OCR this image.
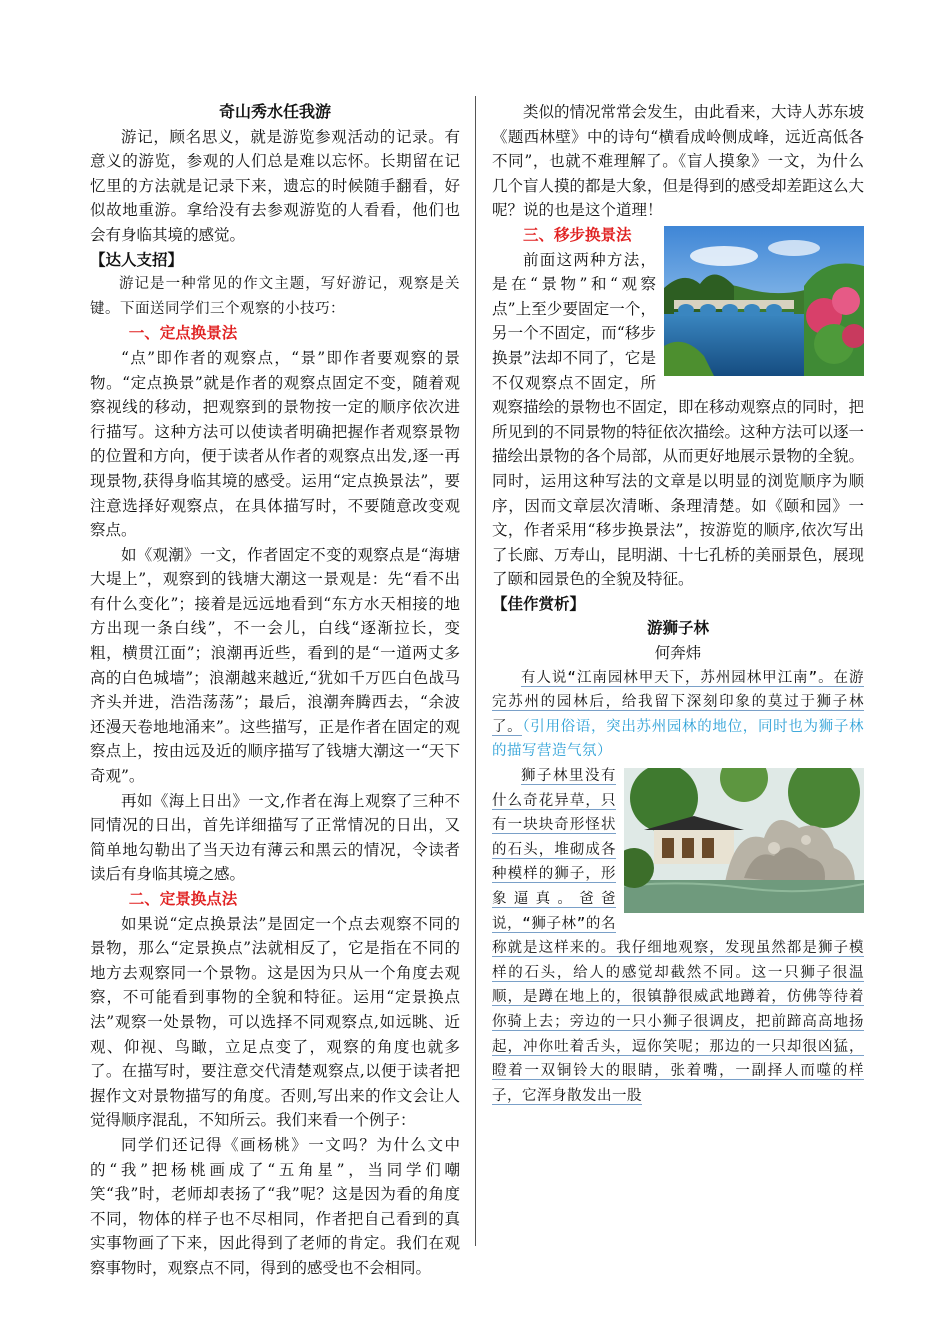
奇山秀水任我游

游记，顾名思义，就是游览参观活动的记录。有意义的游览，参观的人们总是难以忘怀。长期留在记忆里的方法就是记录下来，遗忘的时候随手翻看，好似故地重游。拿给没有去参观游览的人看看，他们也会有身临其境的感觉。

【达人支招】

游记是一种常见的作文主题，写好游记，观察是关键。下面送同学们三个观察的小技巧：

一、定点换景法

“点”即作者的观察点，“景”即作者要观察的景物。“定点换景”就是作者的观察点固定不变，随着观察视线的移动，把观察到的景物按一定的顺序依次进行描写。这种方法可以使读者明确把握作者观察景物的位置和方向，便于读者从作者的观察点出发,逐一再现景物,获得身临其境的感受。运用“定点换景法”，要注意选择好观察点，在具体描写时，不要随意改变观察点。

如《观潮》一文，作者固定不变的观察点是“海塘大堤上”，观察到的钱塘大潮这一景观是：先“看不出有什么变化”；接着是远远地看到“东方水天相接的地方出现一条白线”，不一会儿，白线“逐渐拉长，变粗，横贯江面”；浪潮再近些，看到的是“一道两丈多高的白色城墙”；浪潮越来越近,“犹如千万匹白色战马齐头并进，浩浩荡荡”；最后，浪潮奔腾西去，“余波还漫天卷地地涌来”。这些描写，正是作者在固定的观察点上，按由远及近的顺序描写了钱塘大潮这一“天下奇观”。

再如《海上日出》一文,作者在海上观察了三种不同情况的日出，首先详细描写了正常情况的日出，又简单地勾勒出了当天边有薄云和黑云的情况，令读者读后有身临其境之感。

二、定景换点法

如果说“定点换景法”是固定一个点去观察不同的景物，那么“定景换点”法就相反了，它是指在不同的地方去观察同一个景物。这是因为只从一个角度去观察，不可能看到事物的全貌和特征。运用“定景换点法”观察一处景物，可以选择不同观察点,如远眺、近观、仰视、鸟瞰，立足点变了，观察的角度也就多了。在描写时，要注意交代清楚观察点,以便于读者把握作文对景物描写的角度。否则,写出来的作文会让人觉得顺序混乱，不知所云。我们来看一个例子：

同学们还记得《画杨桃》一文吗？为什么文中的“我”把杨桃画成了“五角星”，当同学们嘲笑“我”时，老师却表扬了“我”呢？这是因为看的角度不同，物体的样子也不尽相同，作者把自己看到的真实事物画了下来，因此得到了老师的肯定。我们在观察事物时，观察点不同，得到的感受也不会相同。

类似的情况常常会发生，由此看来，大诗人苏东坡《题西林壁》中的诗句“横看成岭侧成峰，远近高低各不同”，也就不难理解了。《盲人摸象》一文，为什么几个盲人摸的都是大象，但是得到的感受却差距这么大呢？说的也是这个道理！

三、移步换景法

前面这两种方法，是在“景物”和“观察点”上至少要固定一个，另一个不固定，而“移步换景”法却不同了，它是不仅观察点不固定，所观察描绘的景物也不固定，即在移动观察点的同时，把所见到的不同景物的特征依次描绘。这种方法可以逐一描绘出景物的各个局部，从而更好地展示景物的全貌。同时，运用这种写法的文章是以明显的浏览顺序为顺序，因而文章层次清晰、条理清楚。如《颐和园》一文，作者采用“移步换景法”，按游览的顺序,依次写出了长廊、万寿山，昆明湖、十七孔桥的美丽景色，展现了颐和园景色的全貌及特征。

【佳作赏析】

游狮子林

何奔炜

有人说“江南园林甲天下，苏州园林甲江南”。在游完苏州的园林后，给我留下深刻印象的莫过于狮子林了。（引用俗语，突出苏州园林的地位，同时也为狮子林的描写营造气氛）

狮子林里没有什么奇花异草，只有一块块奇形怪状的石头，堆砌成各种模样的狮子，形象逼真。爸爸说，“狮子林”的名称就是这样来的。我仔细地观察，发现虽然都是狮子模样的石头，给人的感觉却截然不同。这一只狮子很温顺，是蹲在地上的，很镇静很威武地蹲着，仿佛等待着你骑上去；旁边的一只小狮子很调皮，把前蹄高高地扬起，冲你吐着舌头，逗你笑呢；那边的一只却很凶猛，瞪着一双铜铃大的眼睛，张着嘴，一副择人而噬的样子，它浑身散发出一股
